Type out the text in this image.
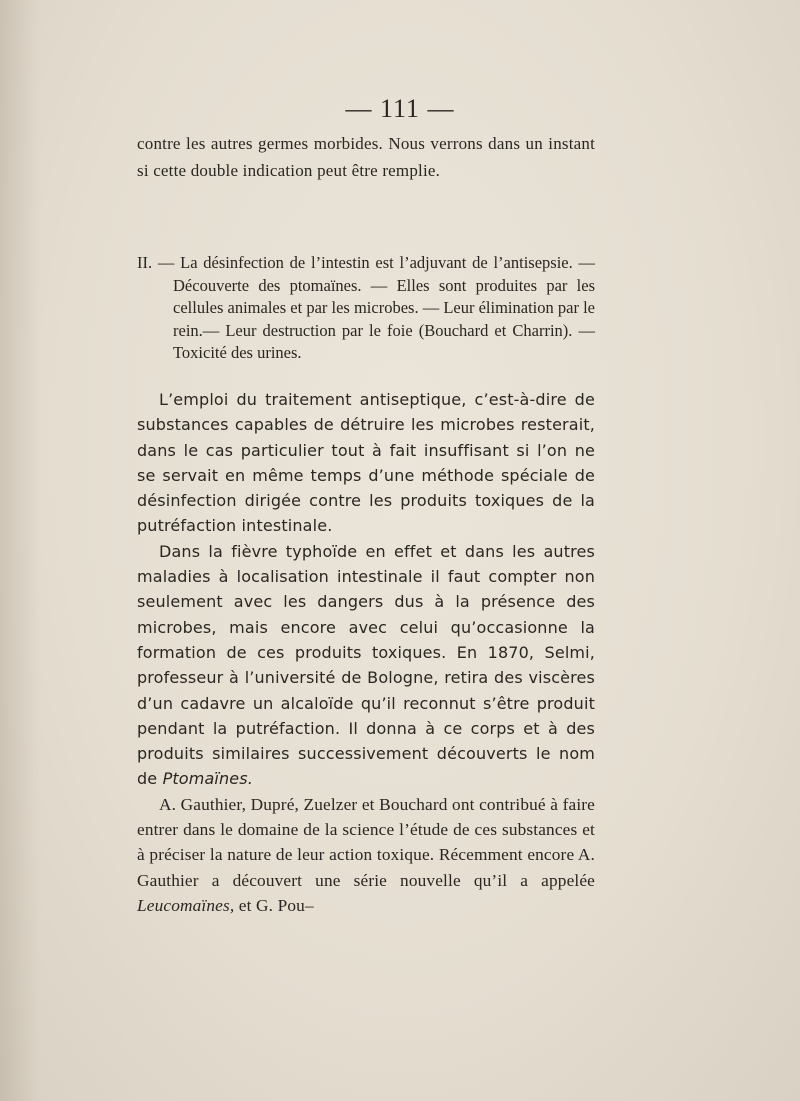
— 111 —

contre les autres germes morbides. Nous verrons dans un instant si cette double indication peut être remplie.

II. — La désinfection de l’intestin est l’adjuvant de l’antisepsie. — Découverte des ptomaïnes. — Elles sont produites par les cellules animales et par les microbes. — Leur élimination par le rein.— Leur destruction par le foie (Bouchard et Charrin). — Toxicité des urines.

L’emploi du traitement antiseptique, c’est-à-dire de substances capables de détruire les microbes resterait, dans le cas particulier tout à fait insuffisant si l’on ne se servait en même temps d’une méthode spéciale de désinfection dirigée contre les produits toxiques de la putréfaction intestinale.

Dans la fièvre typhoïde en effet et dans les autres maladies à localisation intestinale il faut compter non seulement avec les dangers dus à la présence des microbes, mais encore avec celui qu’occasionne la formation de ces produits toxiques. En 1870, Selmi, professeur à l’université de Bologne, retira des viscères d’un cadavre un alcaloïde qu’il reconnut s’être produit pendant la putréfaction. Il donna à ce corps et à des produits similaires successivement découverts le nom de Ptomaïnes.

A. Gauthier, Dupré, Zuelzer et Bouchard ont contribué à faire entrer dans le domaine de la science l’étude de ces substances et à préciser la nature de leur action toxique. Récemment encore A. Gauthier a découvert une série nouvelle qu’il a appelée Leucomaïnes, et G. Pou–
